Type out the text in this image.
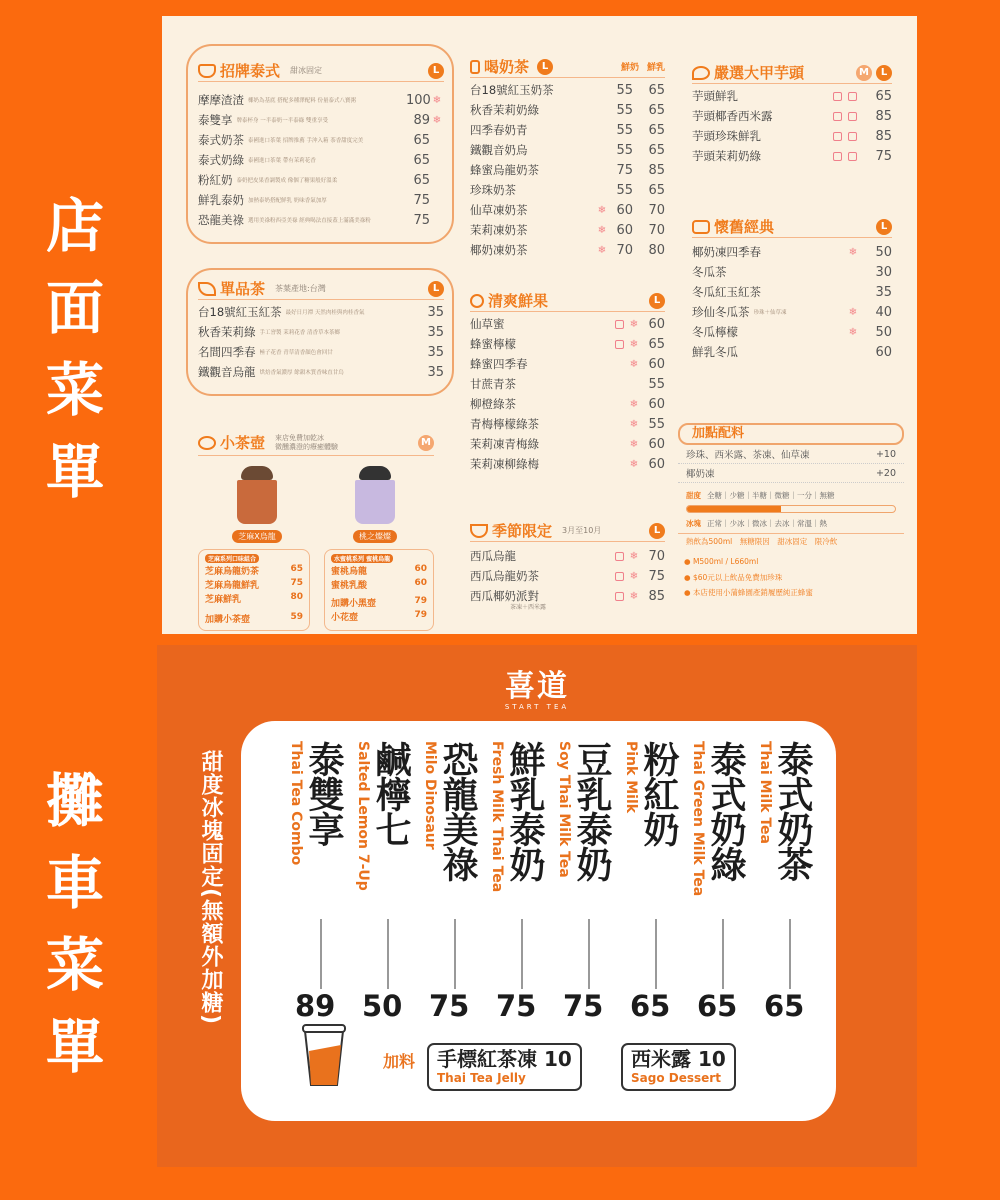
店
面
菜
單
攤
車
菜
單
招牌泰式 甜冰固定	L
摩摩渣渣 椰奶為基底 搭配多種澤配料 份量泰式八寶粥	100 ❄
泰雙享 牌泰杯身 一半泰奶一半泰綠 雙重享受	89 ❄
泰式奶茶 泰國進口茶葉 招牌推薦 手沖入箱 茶香甜度完美	65
泰式奶綠 泰國進口茶葉 帶有茉莉花香	65
粉紅奶 泰奶把皮果香調製成 像個了糖果般好溫柔	65
鮮乳泰奶 加熱泰奶搭配鮮乳 奶味香氣加厚	75
恐龍美祿 選用美祿粉西亞美祿 經典喝法直接蓋上滿滿美祿粉	75
單品茶 茶葉產地:台灣	L
台18號紅玉紅茶 最好日月潭 天然肉桂與肉桂香氣	35
秋香茉莉綠 手工窨製 茉莉花香 清香草本茶鄉	35
名間四季春 極子花香 青草清香顏色會回甘	35
鐵觀音烏龍 烘焙香氣濃厚 餘韻木質香味直甘烏	35
小茶壺 來店免費加乾冰
微醺濃澄的療癒體驗	M
芝麻X烏龍	桃之燦燦
芝麻系列口味組合
芝麻烏龍奶茶	65
芝麻烏龍鮮乳	75
芝麻鮮乳	80
加購小茶壺	59
水蜜桃系列 蜜桃烏龍
蜜桃烏龍	60
蜜桃乳酸	60
加購小黑壺	79
小花壺	79
喝奶茶	L	鮮奶 鮮乳
台18號紅玉奶茶	55	65
秋香茉莉奶綠	55	65
四季春奶青	55	65
鐵觀音奶烏	55	65
蜂蜜烏龍奶茶	75	85
珍珠奶茶	55	65
仙草凍奶茶	❄ 60	70
茉莉凍奶茶	❄ 60	70
椰奶凍奶茶	❄ 70	80
清爽鮮果	L
仙草蜜	❄ 60
蜂蜜檸檬	❄ 65
蜂蜜四季春	❄ 60
甘蔗青茶	55
柳橙綠茶	❄ 60
青梅檸檬綠茶	❄ 55
茉莉凍青梅綠	❄ 60
茉莉凍柳綠梅	❄ 60
季節限定 3月至10月	L
西瓜烏龍	❄ 70
西瓜烏龍奶茶	❄ 75
西瓜椰奶派對	❄ 85
茶凍＋西米露
嚴選大甲芋頭	M	L
芋頭鮮乳	65
芋頭椰香西米露	85
芋頭珍珠鮮乳	85
芋頭茉莉奶綠	75
懷舊經典	L
椰奶凍四季春	❄	50
冬瓜茶	30
冬瓜紅玉紅茶	35
珍仙冬瓜茶 珍珠＋仙草凍	❄	40
冬瓜檸檬	❄	50
鮮乳冬瓜	60
加點配料
珍珠、西米露、茶凍、仙草凍	+10
椰奶凍	+20
甜度 全糖｜少糖｜半糖｜微糖｜一分｜無糖
冰塊 正常｜少冰｜微冰｜去冰｜常溫｜熱
熱飲為500ml　無糖限因　甜冰固定　限冷飲
● M500ml / L660ml
● $60元以上飲品免費加珍珠
● 本店使用小蒲蜂園產銷履歷純正蜂蜜
喜道
START TEA
甜度冰塊固定(無額外加糖)	泰式奶茶
Thai Milk Tea
65
泰式奶綠
Thai Green Milk Tea
65
粉紅奶
Pink Milk
65
豆乳泰奶
Soy Thai Milk Tea
75
鮮乳泰奶
Fresh Milk Thai Tea
75
恐龍美祿
Milo Dinosaur
75
鹹檸七
Salted Lemon 7-Up
50
泰雙享
Thai Tea Combo
89
加料 手標紅茶凍 10
Thai Tea Jelly
西米露 10
Sago Dessert
